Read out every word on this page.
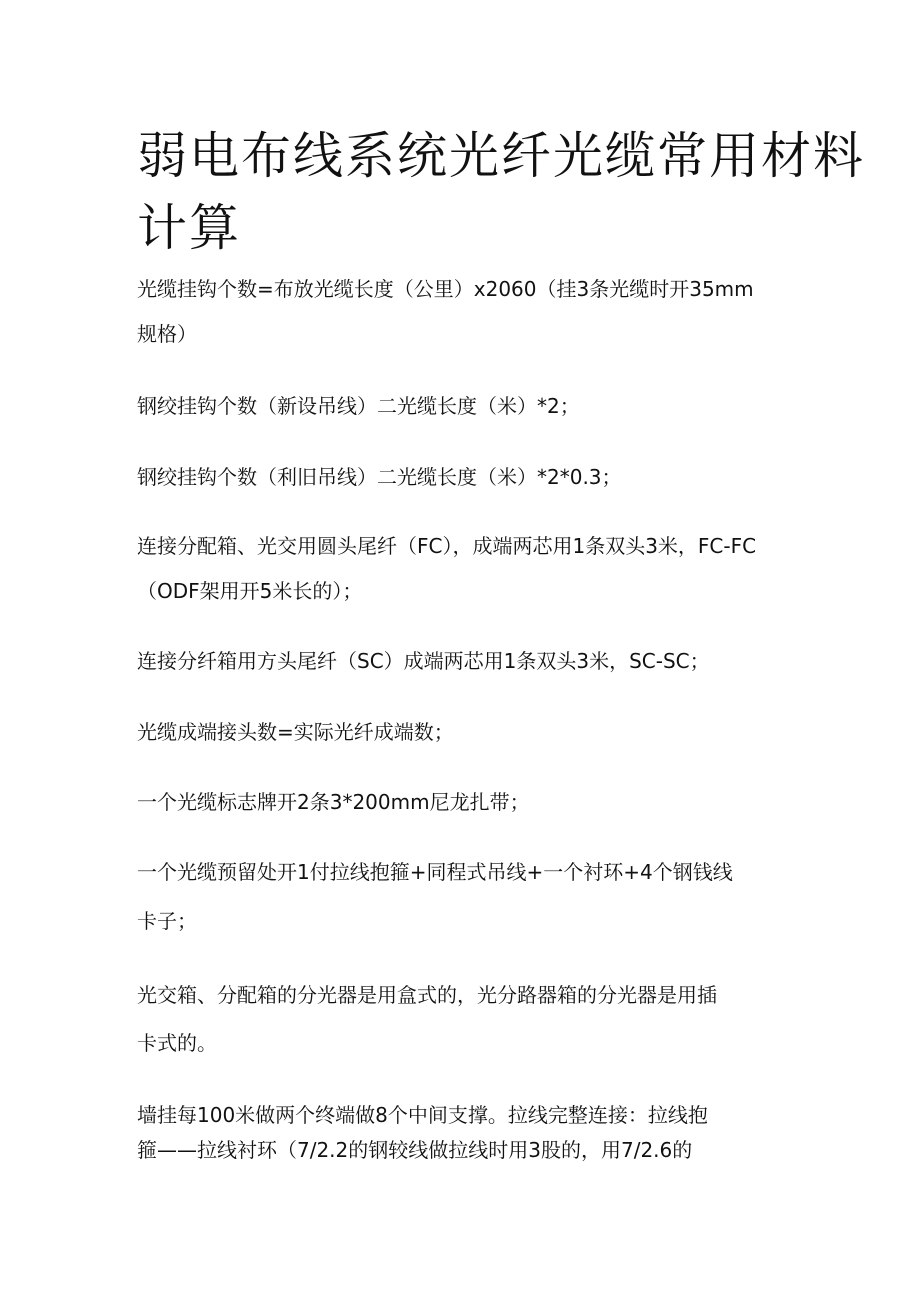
弱电布线系统光纤光缆常用材料
计算

光缆挂钩个数=布放光缆长度（公里）x2060（挂3条光缆时开35mm

规格）

钢绞挂钩个数（新设吊线）二光缆长度（米）*2；

钢绞挂钩个数（利旧吊线）二光缆长度（米）*2*0.3；

连接分配箱、光交用圆头尾纤（FC），成端两芯用1条双头3米，FC-FC

（ODF架用开5米长的）；

连接分纤箱用方头尾纤（SC）成端两芯用1条双头3米，SC-SC；

光缆成端接头数=实际光纤成端数；

一个光缆标志牌开2条3*200mm尼龙扎带；

一个光缆预留处开1付拉线抱箍+同程式吊线+一个衬环+4个钢钱线

卡子；

光交箱、分配箱的分光器是用盒式的，光分路器箱的分光器是用插

卡式的。

墙挂每100米做两个终端做8个中间支撑。拉线完整连接：拉线抱

箍——拉线衬环（7/2.2的钢较线做拉线时用3股的，用7/2.6的
